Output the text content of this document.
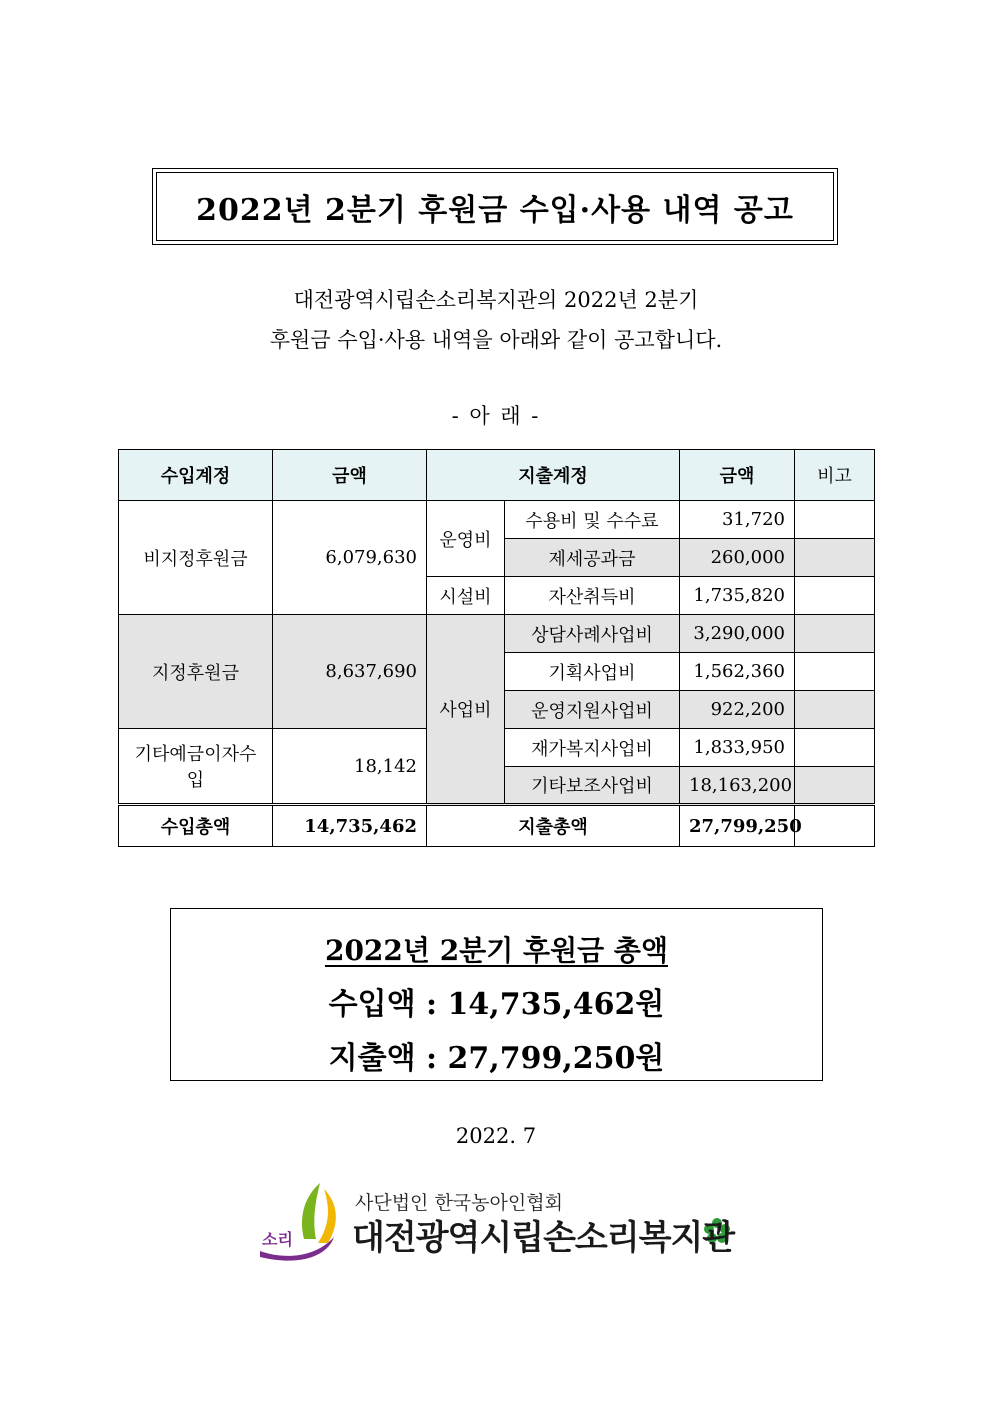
2022년 2분기 후원금 수입·사용 내역 공고
대전광역시립손소리복지관의 2022년 2분기
후원금 수입·사용 내역을 아래와 같이 공고합니다.
- 아 래 -
수입계정	금액	지출계정		금액	비고
비지정후원금	6,079,630	운영비	수용비 및 수수료	31,720	
			제세공과금	260,000	
		시설비	자산취득비	1,735,820	
지정후원금	8,637,690	사업비	상담사례사업비	3,290,000	
			기획사업비	1,562,360	
			운영지원사업비	922,200	
기타예금이자수입	18,142		재가복지사업비	1,833,950	
			기타보조사업비	18,163,200	
수입총액	14,735,462	지출총액		27,799,250	
2022년 2분기 후원금 총액
수입액 : 14,735,462원
지출액 : 27,799,250원
2022. 7
소리
사단법인 한국농아인협회
대전광역시립손소리복지관
